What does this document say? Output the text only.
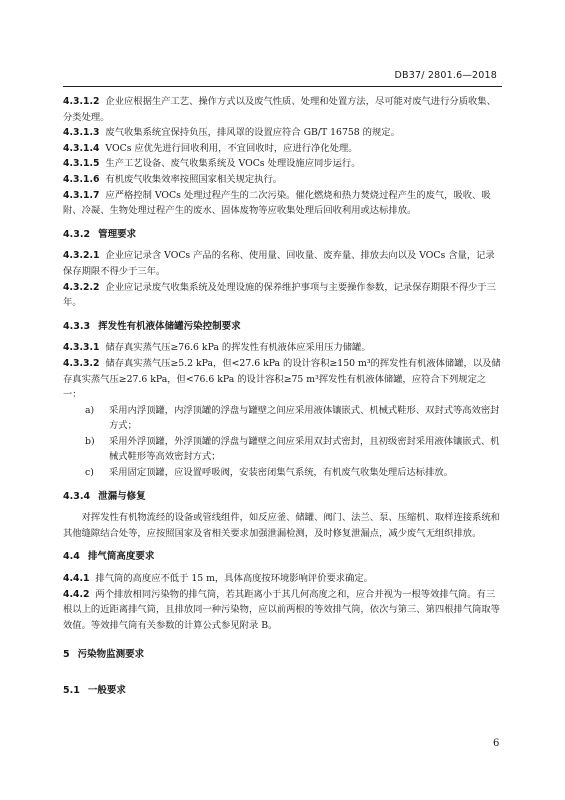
DB37/ 2801.6—2018

4.3.1.2 企业应根据生产工艺、操作方式以及废气性质、处理和处置方法，尽可能对废气进行分质收集、分类处理。

4.3.1.3 废气收集系统宜保持负压，排风罩的设置应符合 GB/T 16758 的规定。

4.3.1.4 VOCs 应优先进行回收利用，不宜回收时，应进行净化处理。

4.3.1.5 生产工艺设备、废气收集系统及 VOCs 处理设施应同步运行。

4.3.1.6 有机废气收集效率按照国家相关规定执行。

4.3.1.7 应严格控制 VOCs 处理过程产生的二次污染。催化燃烧和热力焚烧过程产生的废气，吸收、吸附、冷凝、生物处理过程产生的废水、固体废物等应收集处理后回收利用或达标排放。

4.3.2 管理要求

4.3.2.1 企业应记录含 VOCs 产品的名称、使用量、回收量、废弃量、排放去向以及 VOCs 含量，记录保存期限不得少于三年。

4.3.2.2 企业应记录废气收集系统及处理设施的保养维护事项与主要操作参数，记录保存期限不得少于三年。

4.3.3 挥发性有机液体储罐污染控制要求

4.3.3.1 储存真实蒸气压≥76.6 kPa 的挥发性有机液体应采用压力储罐。

4.3.3.2 储存真实蒸气压≥5.2 kPa，但<27.6 kPa 的设计容积≥150 m³的挥发性有机液体储罐，以及储存真实蒸气压≥27.6 kPa，但<76.6 kPa 的设计容积≥75 m³挥发性有机液体储罐，应符合下列规定之一：

a)	采用内浮顶罐，内浮顶罐的浮盘与罐壁之间应采用液体镶嵌式、机械式鞋形、双封式等高效密封方式；
b)	采用外浮顶罐，外浮顶罐的浮盘与罐壁之间应采用双封式密封，且初级密封采用液体镶嵌式、机械式鞋形等高效密封方式；
c)	采用固定顶罐，应设置呼吸阀，安装密闭集气系统，有机废气收集处理后达标排放。
4.3.4 泄漏与修复

对挥发性有机物流经的设备或管线组件，如反应釜、储罐、阀门、法兰、泵、压缩机、取样连接系统和其他缝隙结合处等，应按照国家及省相关要求加强泄漏检测，及时修复泄漏点，减少废气无组织排放。

4.4 排气筒高度要求

4.4.1 排气筒的高度应不低于 15 m，具体高度按环境影响评价要求确定。

4.4.2 两个排放相同污染物的排气筒，若其距离小于其几何高度之和，应合并视为一根等效排气筒。有三根以上的近距离排气筒，且排放同一种污染物，应以前两根的等效排气筒，依次与第三、第四根排气筒取等效值。等效排气筒有关参数的计算公式参见附录 B。

5 污染物监测要求
5.1 一般要求
6
